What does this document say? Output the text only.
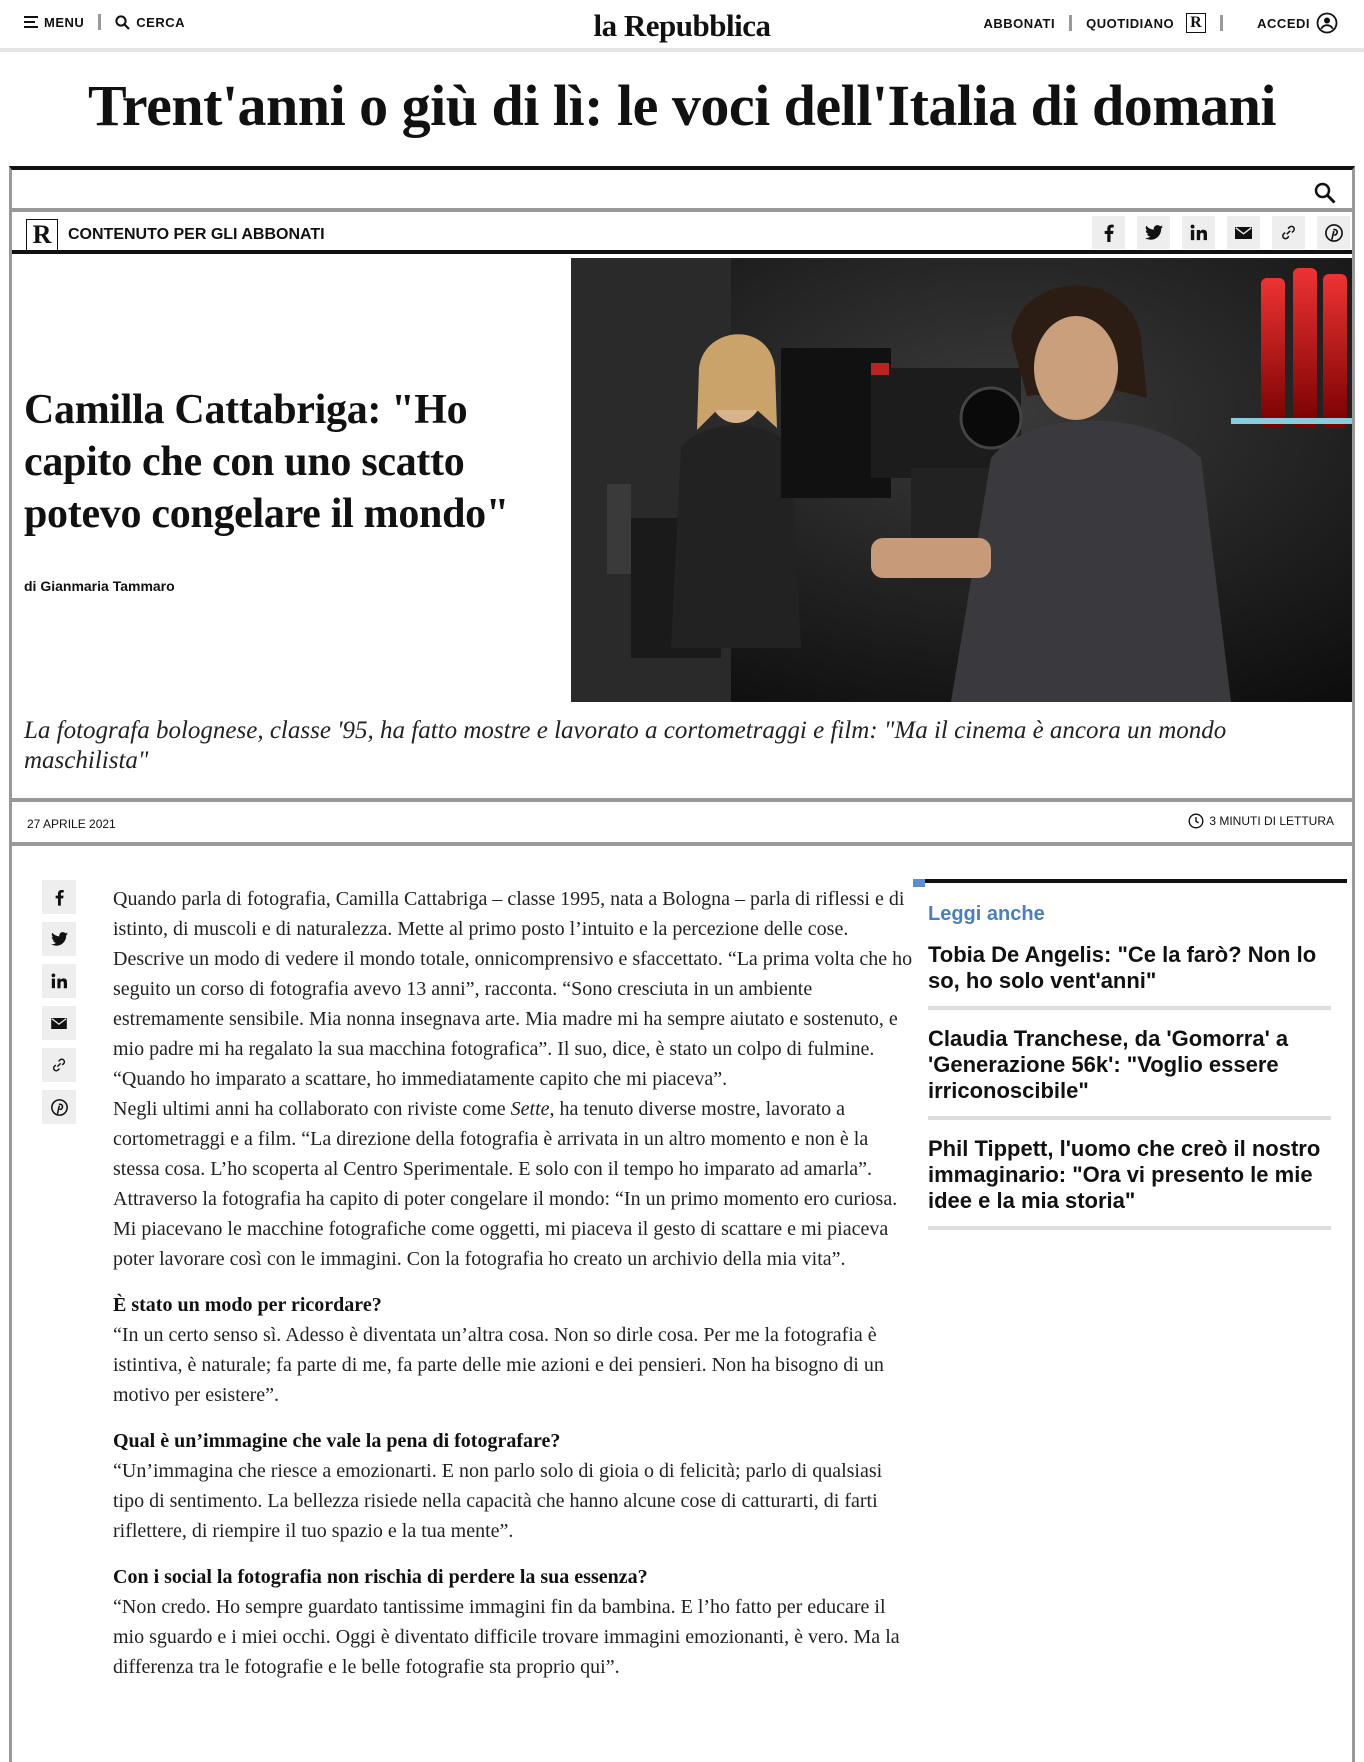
MENU	CERCA	la Repubblica	ABBONATI QUOTIDIANO R	ACCEDI
Trent'anni o giù di lì: le voci dell'Italia di domani
R	CONTENUTO PER GLI ABBONATI
Camilla Cattabriga: "Ho capito che con uno scatto potevo congelare il mondo"
di Gianmaria Tammaro

La fotografa bolognese, classe '95, ha fatto mostre e lavorato a cortometraggi e film: "Ma il cinema è ancora un mondo maschilista"

27 APRILE 2021	3 MINUTI DI LETTURA

Quando parla di fotografia, Camilla Cattabriga – classe 1995, nata a Bologna – parla di riflessi e di istinto, di muscoli e di naturalezza. Mette al primo posto l’intuito e la percezione delle cose. Descrive un modo di vedere il mondo totale, onnicomprensivo e sfaccettato. “La prima volta che ho seguito un corso di fotografia avevo 13 anni”, racconta. “Sono cresciuta in un ambiente estremamente sensibile. Mia nonna insegnava arte. Mia madre mi ha sempre aiutato e sostenuto, e mio padre mi ha regalato la sua macchina fotografica”. Il suo, dice, è stato un colpo di fulmine. “Quando ho imparato a scattare, ho immediatamente capito che mi piaceva”.

Negli ultimi anni ha collaborato con riviste come Sette, ha tenuto diverse mostre, lavorato a cortometraggi e a film. “La direzione della fotografia è arrivata in un altro momento e non è la stessa cosa. L’ho scoperta al Centro Sperimentale. E solo con il tempo ho imparato ad amarla”. Attraverso la fotografia ha capito di poter congelare il mondo: “In un primo momento ero curiosa. Mi piacevano le macchine fotografiche come oggetti, mi piaceva il gesto di scattare e mi piaceva poter lavorare così con le immagini. Con la fotografia ho creato un archivio della mia vita”.

È stato un modo per ricordare?

“In un certo senso sì. Adesso è diventata un’altra cosa. Non so dirle cosa. Per me la fotografia è istintiva, è naturale; fa parte di me, fa parte delle mie azioni e dei pensieri. Non ha bisogno di un motivo per esistere”.

Qual è un’immagine che vale la pena di fotografare?

“Un’immagina che riesce a emozionarti. E non parlo solo di gioia o di felicità; parlo di qualsiasi tipo di sentimento. La bellezza risiede nella capacità che hanno alcune cose di catturarti, di farti riflettere, di riempire il tuo spazio e la tua mente”.

Con i social la fotografia non rischia di perdere la sua essenza?

“Non credo. Ho sempre guardato tantissime immagini fin da bambina. E l’ho fatto per educare il mio sguardo e i miei occhi. Oggi è diventato difficile trovare immagini emozionanti, è vero. Ma la differenza tra le fotografie e le belle fotografie sta proprio qui”.

Leggi anche
Tobia De Angelis: "Ce la farò? Non lo so, ho solo vent'anni"
Claudia Tranchese, da 'Gomorra' a 'Generazione 56k': "Voglio essere irriconoscibile"
Phil Tippett, l'uomo che creò il nostro immaginario: "Ora vi presento le mie idee e la mia storia"
